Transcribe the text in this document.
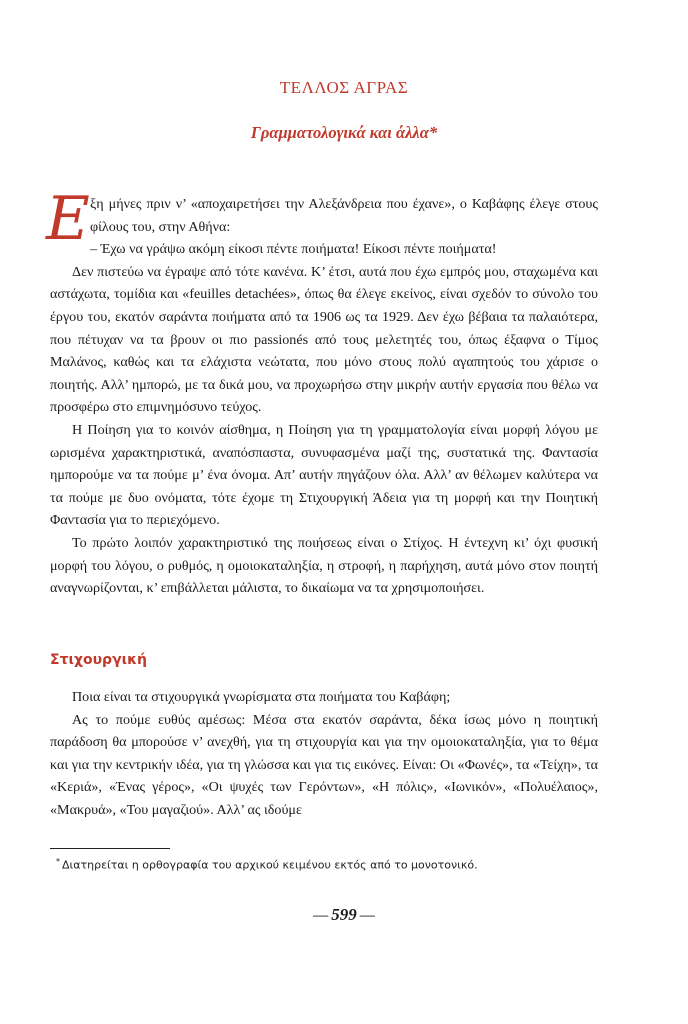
ΤΕΛΛΟΣ ΑΓΡΑΣ
Γραμματολογικά και άλλα*

Εξη μήνες πριν ν’ «αποχαιρετήσει την Αλεξάνδρεια που έχανε», ο Καβάφης έλεγε στους φίλους του, στην Αθήνα:

– Έχω να γράψω ακόμη είκοσι πέντε ποιήματα! Είκοσι πέντε ποιήματα!

Δεν πιστεύω να έγραψε από τότε κανένα. Κ’ έτσι, αυτά που έχω εμπρός μου, σταχωμένα και αστάχωτα, τομίδια και «feuilles detachées», όπως θα έλεγε εκείνος, είναι σχεδόν το σύνολο του έργου του, εκατόν σαράντα ποιήματα από τα 1906 ως τα 1929. Δεν έχω βέβαια τα παλαιότερα, που πέτυχαν να τα βρουν οι πιο passionés από τους μελετητές του, όπως έξαφνα ο Τίμος Μαλάνος, καθώς και τα ελάχιστα νεώτατα, που μόνο στους πολύ αγαπητούς του χάρισε ο ποιητής. Αλλ’ ημπορώ, με τα δικά μου, να προχωρήσω στην μικρήν αυτήν εργασία που θέλω να προσφέρω στο επιμνημόσυνο τεύχος.

Η Ποίηση για το κοινόν αίσθημα, η Ποίηση για τη γραμματολογία είναι μορφή λόγου με ωρισμένα χαρακτηριστικά, αναπόσπαστα, συνυφασμένα μαζί της, συστατικά της. Φαντασία ημπορούμε να τα πούμε μ’ ένα όνομα. Απ’ αυτήν πηγάζουν όλα. Αλλ’ αν θέλωμεν καλύτερα να τα πούμε με δυο ονόματα, τότε έχομε τη Στιχουργική Άδεια για τη μορφή και την Ποιητική Φαντασία για το περιεχόμενο.

Το πρώτο λοιπόν χαρακτηριστικό της ποιήσεως είναι ο Στίχος. Η έντεχνη κι’ όχι φυσική μορφή του λόγου, ο ρυθμός, η ομοιοκαταληξία, η στροφή, η παρήχηση, αυτά μόνο στον ποιητή αναγνωρίζονται, κ’ επιβάλλεται μάλιστα, το δικαίωμα να τα χρησιμοποιήσει.

Στιχουργική

Ποια είναι τα στιχουργικά γνωρίσματα στα ποιήματα του Καβάφη;

Ας το πούμε ευθύς αμέσως: Μέσα στα εκατόν σαράντα, δέκα ίσως μόνο η ποιητική παράδοση θα μπορούσε ν’ ανεχθή, για τη στιχουργία και για την ομοιοκαταληξία, για το θέμα και για την κεντρικήν ιδέα, για τη γλώσσα και για τις εικόνες. Είναι: Οι «Φωνές», τα «Τείχη», τα «Κεριά», «Ένας γέρος», «Οι ψυχές των Γερόντων», «Η πόλις», «Ιωνικόν», «Πολυέλαιος», «Μακρυά», «Του μαγαζιού». Αλλ’ ας ιδούμε

* Διατηρείται η ορθογραφία του αρχικού κειμένου εκτός από το μονοτονικό.
— 599 —
